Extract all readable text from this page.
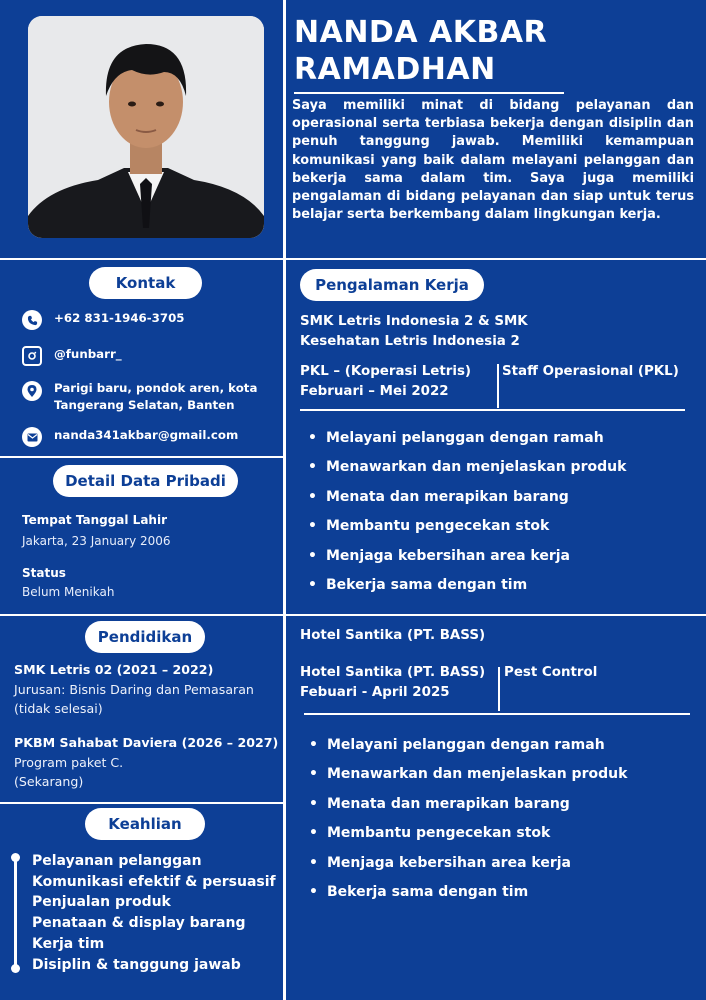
NANDA AKBAR
RAMADHAN
Saya memiliki minat di bidang pelayanan dan operasional serta terbiasa bekerja dengan disiplin dan penuh tanggung jawab. Memiliki kemampuan komunikasi yang baik dalam melayani pelanggan dan bekerja sama dalam tim. Saya juga memiliki pengalaman di bidang pelayanan dan siap untuk terus belajar serta berkembang dalam lingkungan kerja.
Kontak
+62 831-1946-3705
@funbarr_
Parigi baru, pondok aren, kota
Tangerang Selatan, Banten
nanda341akbar@gmail.com
Detail Data Pribadi
Tempat Tanggal Lahir
Jakarta, 23 January 2006
Status
Belum Menikah
Pendidikan
SMK Letris 02 (2021 – 2022)
Jurusan: Bisnis Daring dan Pemasaran
(tidak selesai)
PKBM Sahabat Daviera (2026 – 2027)
Program paket C.
(Sekarang)
Keahlian
Pelayanan pelanggan
Komunikasi efektif & persuasif
Penjualan produk
Penataan & display barang
Kerja tim
Disiplin & tanggung jawab
Pengalaman Kerja
SMK Letris Indonesia 2 & SMK
Kesehatan Letris Indonesia 2
PKL – (Koperasi Letris)
Februari – Mei 2022
Staff Operasional (PKL)
• Melayani pelanggan dengan ramah
• Menawarkan dan menjelaskan produk
• Menata dan merapikan barang
• Membantu pengecekan stok
• Menjaga kebersihan area kerja
• Bekerja sama dengan tim
Hotel Santika (PT. BASS)
Hotel Santika (PT. BASS)
Febuari - April 2025
Pest Control
• Melayani pelanggan dengan ramah
• Menawarkan dan menjelaskan produk
• Menata dan merapikan barang
• Membantu pengecekan stok
• Menjaga kebersihan area kerja
• Bekerja sama dengan tim
